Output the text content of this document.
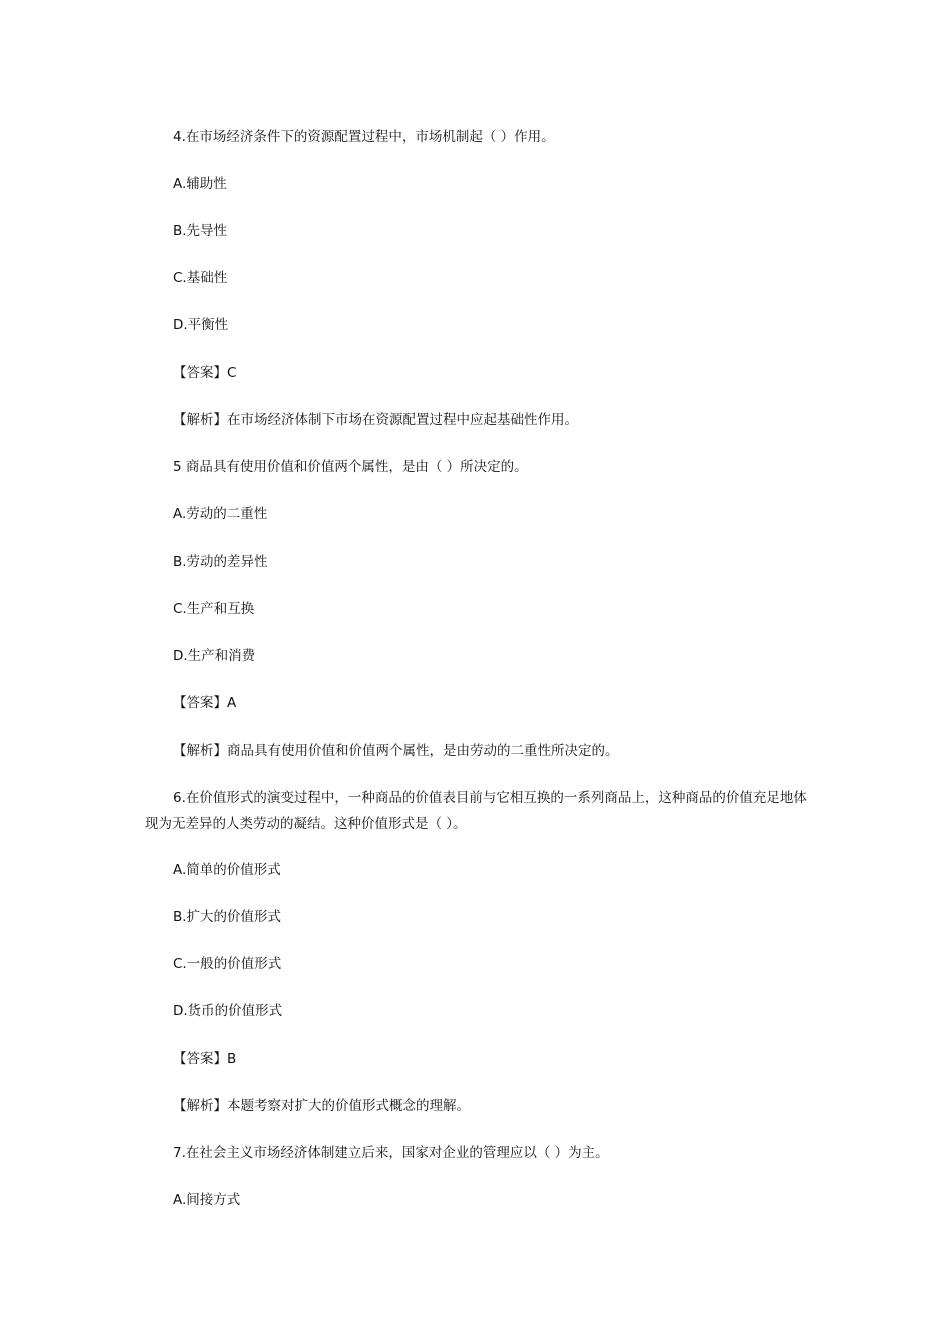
4.在市场经济条件下的资源配置过程中，市场机制起（ ）作用。
A.辅助性
B.先导性
C.基础性
D.平衡性
【答案】C
【解析】在市场经济体制下市场在资源配置过程中应起基础性作用。
5 商品具有使用价值和价值两个属性，是由（ ）所决定的。
A.劳动的二重性
B.劳动的差异性
C.生产和互换
D.生产和消费
【答案】A
【解析】商品具有使用价值和价值两个属性，是由劳动的二重性所决定的。
6.在价值形式的演变过程中，一种商品的价值表目前与它相互换的一系列商品上，这种商品的价值充足地体现为无差异的人类劳动的凝结。这种价值形式是（ ）。
A.简单的价值形式
B.扩大的价值形式
C.一般的价值形式
D.货币的价值形式
【答案】B
【解析】本题考察对扩大的价值形式概念的理解。
7.在社会主义市场经济体制建立后来，国家对企业的管理应以（ ）为主。
A.间接方式
